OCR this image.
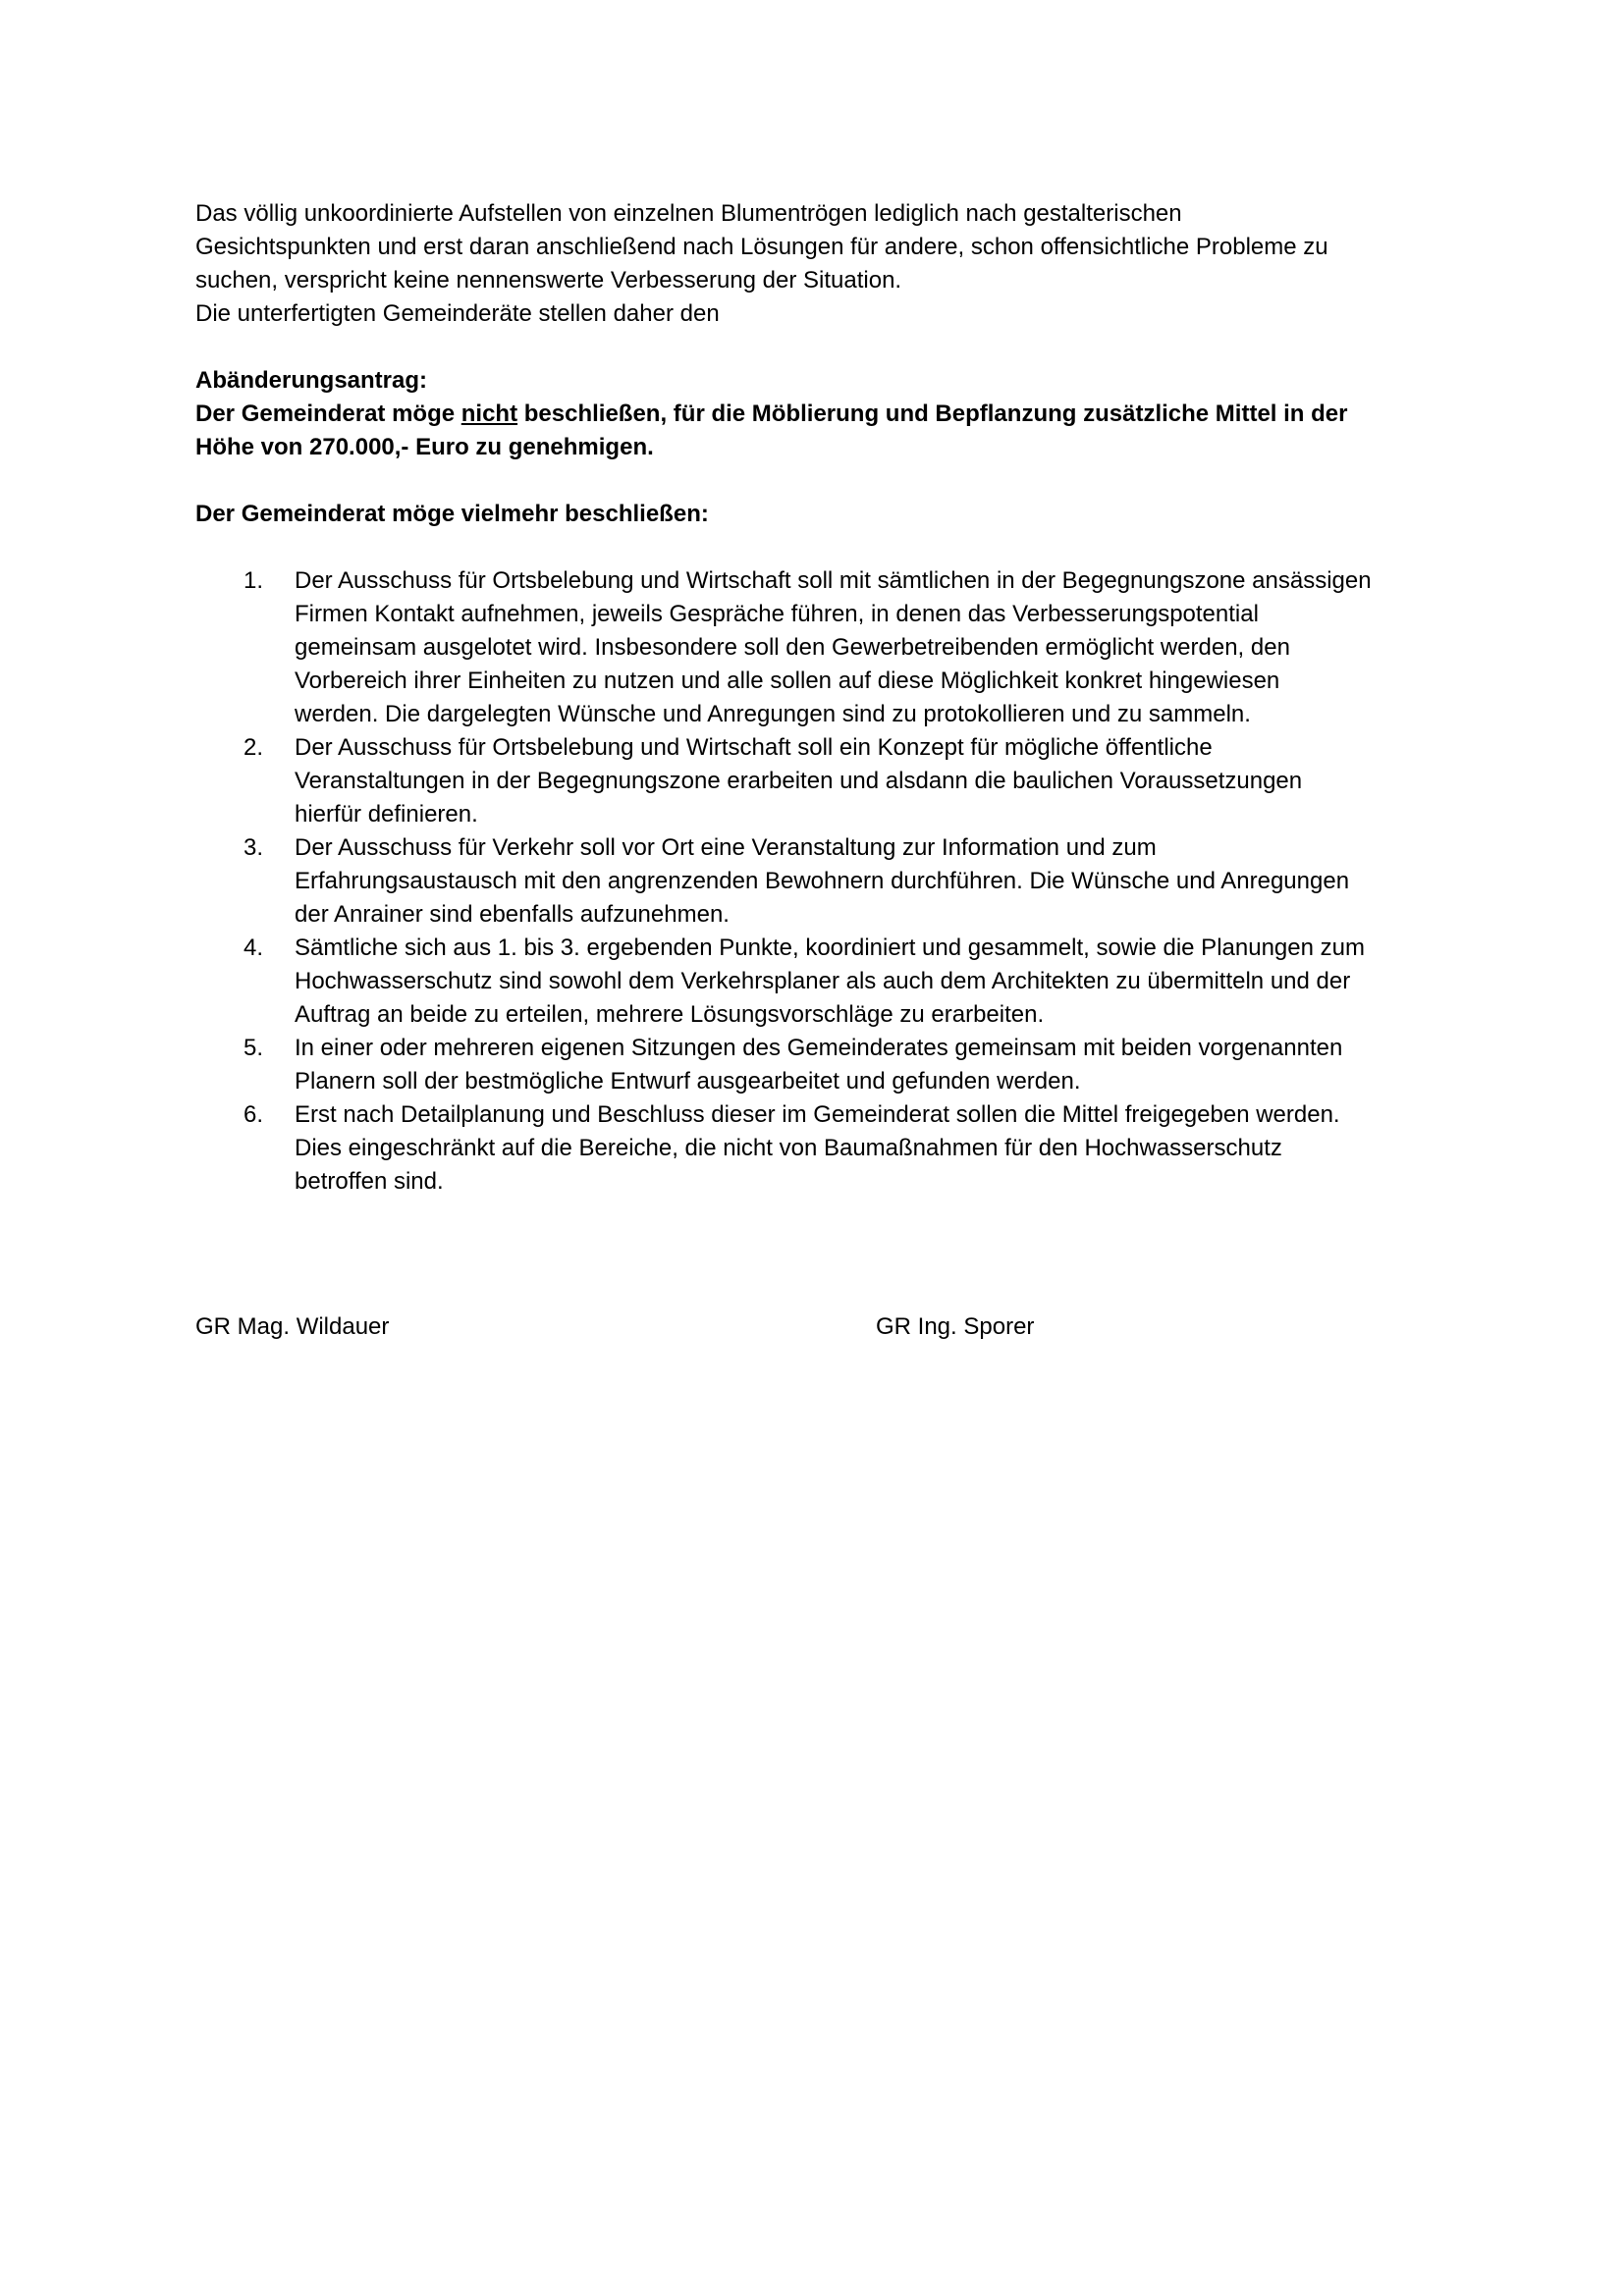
Das völlig unkoordinierte Aufstellen von einzelnen Blumentrögen lediglich nach gestalterischen

Gesichtspunkten und erst daran anschließend nach Lösungen für andere, schon offensichtliche Probleme zu

suchen, verspricht keine nennenswerte Verbesserung der Situation.

Die unterfertigten Gemeinderäte stellen daher den

Abänderungsantrag:

Der Gemeinderat möge nicht beschließen, für die Möblierung und Bepflanzung zusätzliche Mittel in der

Höhe von 270.000,- Euro zu genehmigen.

Der Gemeinderat möge vielmehr beschließen:

1. Der Ausschuss für Ortsbelebung und Wirtschaft soll mit sämtlichen in der Begegnungszone ansässigen
Firmen Kontakt aufnehmen, jeweils Gespräche führen, in denen das Verbesserungspotential
gemeinsam ausgelotet wird. Insbesondere soll den Gewerbetreibenden ermöglicht werden, den
Vorbereich ihrer Einheiten zu nutzen und alle sollen auf diese Möglichkeit konkret hingewiesen
werden. Die dargelegten Wünsche und Anregungen sind zu protokollieren und zu sammeln.
2. Der Ausschuss für Ortsbelebung und Wirtschaft soll ein Konzept für mögliche öffentliche
Veranstaltungen in der Begegnungszone erarbeiten und alsdann die baulichen Voraussetzungen
hierfür definieren.
3. Der Ausschuss für Verkehr soll vor Ort eine Veranstaltung zur Information und zum
Erfahrungsaustausch mit den angrenzenden Bewohnern durchführen. Die Wünsche und Anregungen
der Anrainer sind ebenfalls aufzunehmen.
4. Sämtliche sich aus 1. bis 3. ergebenden Punkte, koordiniert und gesammelt, sowie die Planungen zum
Hochwasserschutz sind sowohl dem Verkehrsplaner als auch dem Architekten zu übermitteln und der
Auftrag an beide zu erteilen, mehrere Lösungsvorschläge zu erarbeiten.
5. In einer oder mehreren eigenen Sitzungen des Gemeinderates gemeinsam mit beiden vorgenannten
Planern soll der bestmögliche Entwurf ausgearbeitet und gefunden werden.
6. Erst nach Detailplanung und Beschluss dieser im Gemeinderat sollen die Mittel freigegeben werden.
Dies eingeschränkt auf die Bereiche, die nicht von Baumaßnahmen für den Hochwasserschutz
betroffen sind.
GR Mag. Wildauer	GR Ing. Sporer
